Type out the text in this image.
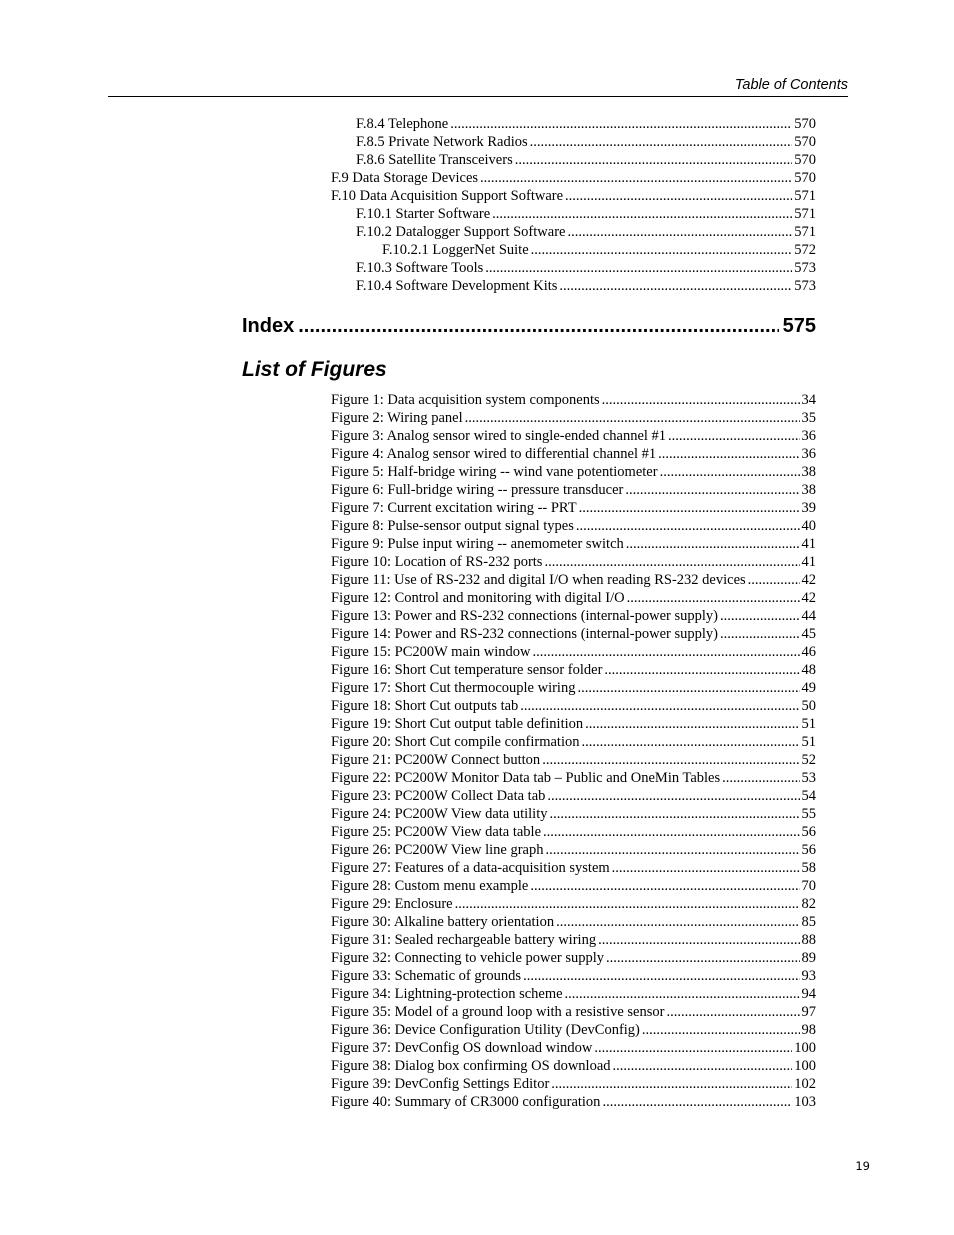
Table of Contents
F.8.4 Telephone .....	570
F.8.5 Private Network Radios .....	570
F.8.6 Satellite Transceivers .....	570
F.9 Data Storage Devices .....	570
F.10 Data Acquisition Support Software .....	571
F.10.1 Starter Software .....	571
F.10.2 Datalogger Support Software .....	571
F.10.2.1 LoggerNet Suite .....	572
F.10.3 Software Tools .....	573
F.10.4 Software Development Kits .....	573
Index .....	575
List of Figures
Figure 1: Data acquisition system components .....	34
Figure 2: Wiring panel .....	35
Figure 3: Analog sensor wired to single-ended channel #1 .....	36
Figure 4: Analog sensor wired to differential channel #1 .....	36
Figure 5: Half-bridge wiring -- wind vane potentiometer .....	38
Figure 6: Full-bridge wiring -- pressure transducer .....	38
Figure 7: Current excitation wiring -- PRT .....	39
Figure 8: Pulse-sensor output signal types .....	40
Figure 9: Pulse input wiring -- anemometer switch .....	41
Figure 10: Location of RS-232 ports .....	41
Figure 11: Use of RS-232 and digital I/O when reading RS-232 devices .....	42
Figure 12: Control and monitoring with digital I/O .....	42
Figure 13: Power and RS-232 connections (internal-power supply) .....	44
Figure 14: Power and RS-232 connections (internal-power supply) .....	45
Figure 15: PC200W main window .....	46
Figure 16: Short Cut temperature sensor folder .....	48
Figure 17: Short Cut thermocouple wiring .....	49
Figure 18: Short Cut outputs tab .....	50
Figure 19: Short Cut output table definition .....	51
Figure 20: Short Cut compile confirmation .....	51
Figure 21: PC200W Connect button .....	52
Figure 22: PC200W Monitor Data tab – Public and OneMin Tables .....	53
Figure 23: PC200W Collect Data tab .....	54
Figure 24: PC200W View data utility .....	55
Figure 25: PC200W View data table .....	56
Figure 26: PC200W View line graph .....	56
Figure 27: Features of a data-acquisition system .....	58
Figure 28: Custom menu example .....	70
Figure 29: Enclosure .....	82
Figure 30: Alkaline battery orientation .....	85
Figure 31: Sealed rechargeable battery wiring .....	88
Figure 32: Connecting to vehicle power supply .....	89
Figure 33: Schematic of grounds .....	93
Figure 34: Lightning-protection scheme .....	94
Figure 35: Model of a ground loop with a resistive sensor .....	97
Figure 36: Device Configuration Utility (DevConfig) .....	98
Figure 37: DevConfig OS download window .....	100
Figure 38: Dialog box confirming OS download .....	100
Figure 39: DevConfig Settings Editor .....	102
Figure 40: Summary of CR3000 configuration .....	103
19
